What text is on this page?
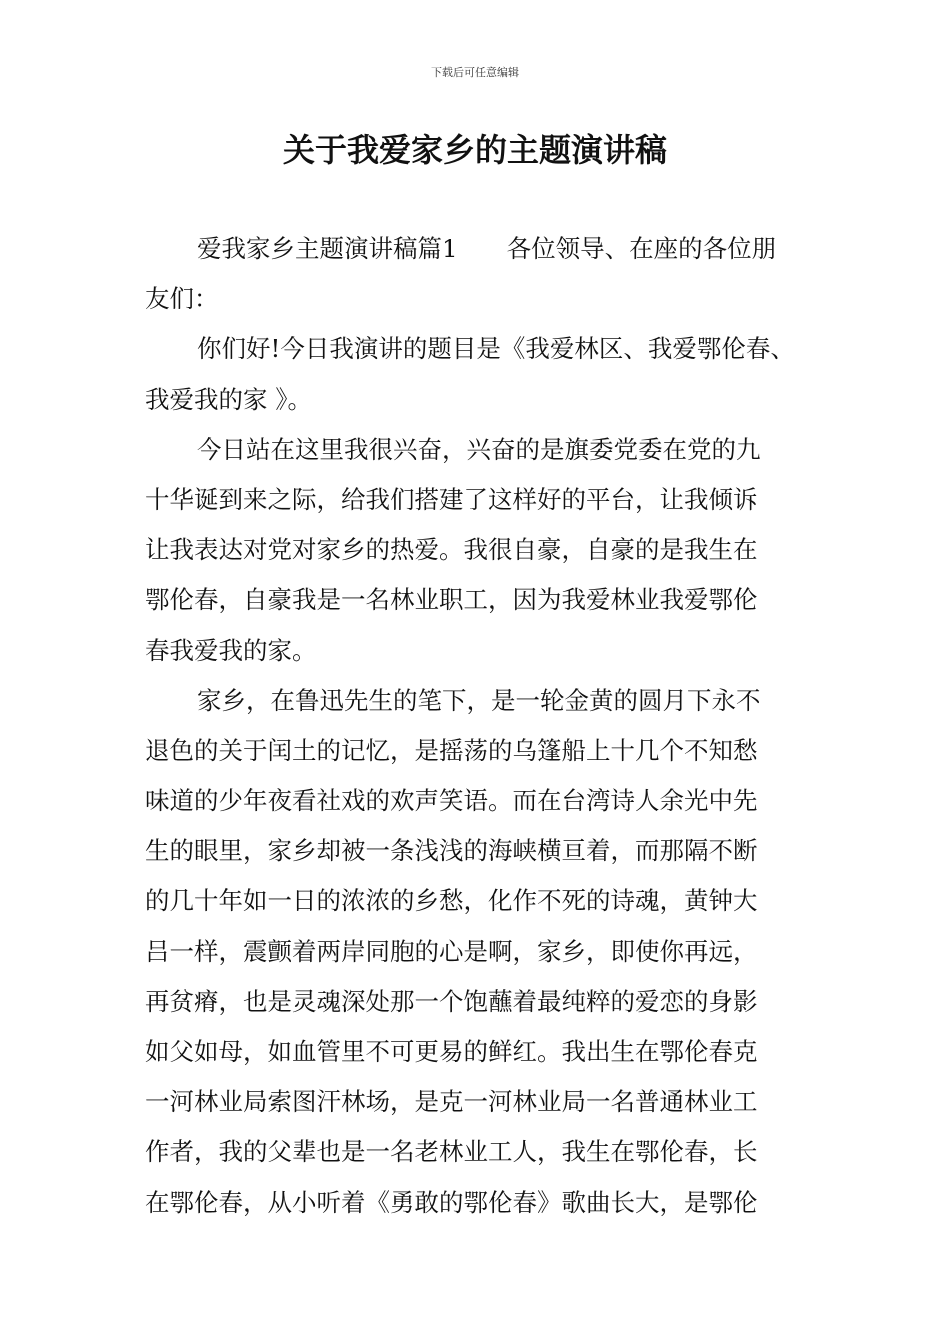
下载后可任意编辑
关于我爱家乡的主题演讲稿
爱我家乡主题演讲稿篇1　　各位领导、在座的各位朋
友们：
你们好!今日我演讲的题目是《我爱林区、我爱鄂伦春、
我爱我的家 》。
今日站在这里我很兴奋，兴奋的是旗委党委在党的九
十华诞到来之际，给我们搭建了这样好的平台，让我倾诉
让我表达对党对家乡的热爱。我很自豪，自豪的是我生在
鄂伦春，自豪我是一名林业职工，因为我爱林业我爱鄂伦
春我爱我的家。
家乡，在鲁迅先生的笔下，是一轮金黄的圆月下永不
退色的关于闰土的记忆，是摇荡的乌篷船上十几个不知愁
味道的少年夜看社戏的欢声笑语。而在台湾诗人余光中先
生的眼里，家乡却被一条浅浅的海峡横亘着，而那隔不断
的几十年如一日的浓浓的乡愁，化作不死的诗魂，黄钟大
吕一样，震颤着两岸同胞的心是啊，家乡，即使你再远，
再贫瘠，也是灵魂深处那一个饱蘸着最纯粹的爱恋的身影
如父如母，如血管里不可更易的鲜红。我出生在鄂伦春克
一河林业局索图汗林场，是克一河林业局一名普通林业工
作者，我的父辈也是一名老林业工人，我生在鄂伦春，长
在鄂伦春，从小听着《勇敢的鄂伦春》歌曲长大，是鄂伦
